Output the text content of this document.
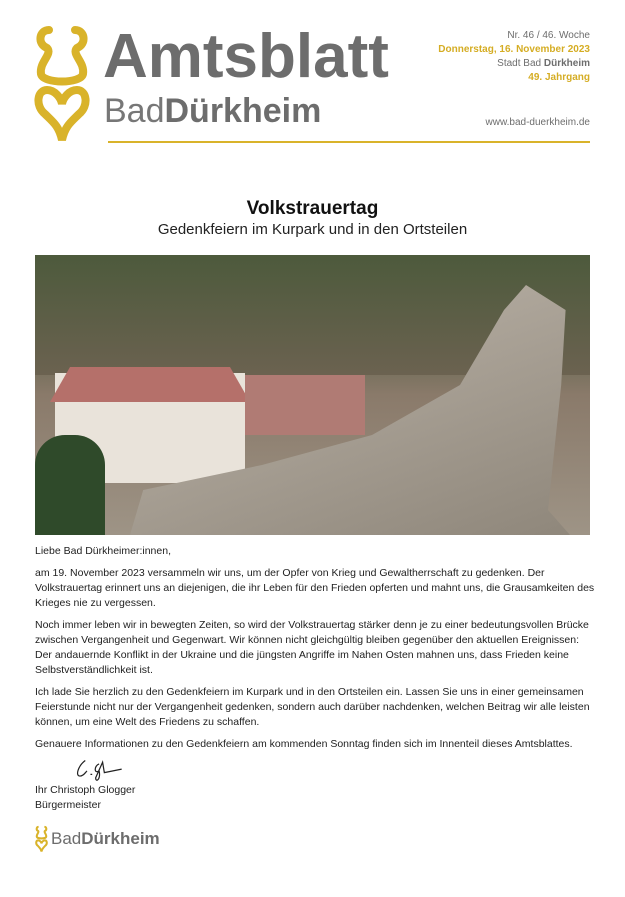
Amtsblatt
BadDürkheim
Nr. 46 / 46. Woche
Donnerstag, 16. November 2023
Stadt Bad Dürkheim
49. Jahrgang
www.bad-duerkheim.de
Volkstrauertag
Gedenkfeiern im Kurpark und in den Ortsteilen
Liebe Bad Dürkheimer:innen,
am 19. November 2023 versammeln wir uns, um der Opfer von Krieg und Gewaltherrschaft zu gedenken. Der Volkstrauertag erinnert uns an diejenigen, die ihr Leben für den Frieden opferten und mahnt uns, die Grausamkeiten des Krieges nie zu vergessen.
Noch immer leben wir in bewegten Zeiten, so wird der Volkstrauertag stärker denn je zu einer bedeutungsvollen Brücke zwischen Vergangenheit und Gegenwart. Wir können nicht gleichgültig bleiben gegenüber den aktuellen Ereignissen: Der andauernde Konflikt in der Ukraine und die jüngsten Angriffe im Nahen Osten mahnen uns, dass Frieden keine Selbstverständlichkeit ist.
Ich lade Sie herzlich zu den Gedenkfeiern im Kurpark und in den Ortsteilen ein. Lassen Sie uns in einer gemeinsamen Feierstunde nicht nur der Vergangenheit gedenken, sondern auch darüber nachdenken, welchen Beitrag wir alle leisten können, um eine Welt des Friedens zu schaffen.
Genauere Informationen zu den Gedenkfeiern am kommenden Sonntag finden sich im Innenteil dieses Amtsblattes.
Ihr Christoph Glogger
Bürgermeister
BadDürkheim
